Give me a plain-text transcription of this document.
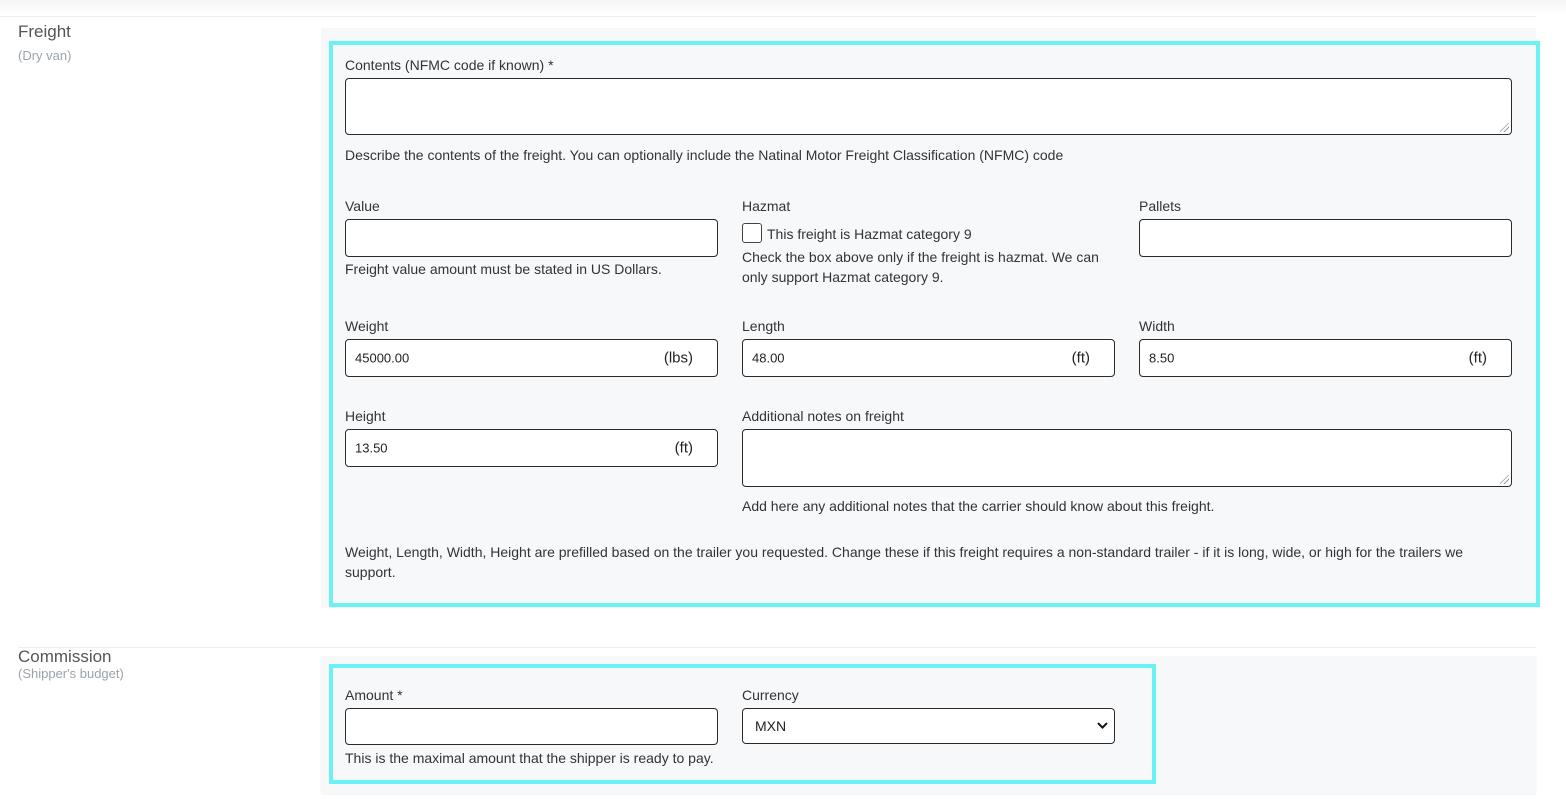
Freight
(Dry van)
Contents (NFMC code if known) *
Describe the contents of the freight. You can optionally include the Natinal Motor Freight Classification (NFMC) code
Value
Freight value amount must be stated in US Dollars.
Hazmat
This freight is Hazmat category 9
Check the box above only if the freight is hazmat. We can only support Hazmat category 9.
Pallets
Weight
45000.00	(lbs)
Length
48.00	(ft)
Width
8.50	(ft)
Height
13.50	(ft)
Additional notes on freight
Add here any additional notes that the carrier should know about this freight.
Weight, Length, Width, Height are prefilled based on the trailer you requested. Change these if this freight requires a non-standard trailer - if it is long, wide, or high for the trailers we support.
Commission
(Shipper's budget)
Amount *
This is the maximal amount that the shipper is ready to pay.
Currency
MXN
